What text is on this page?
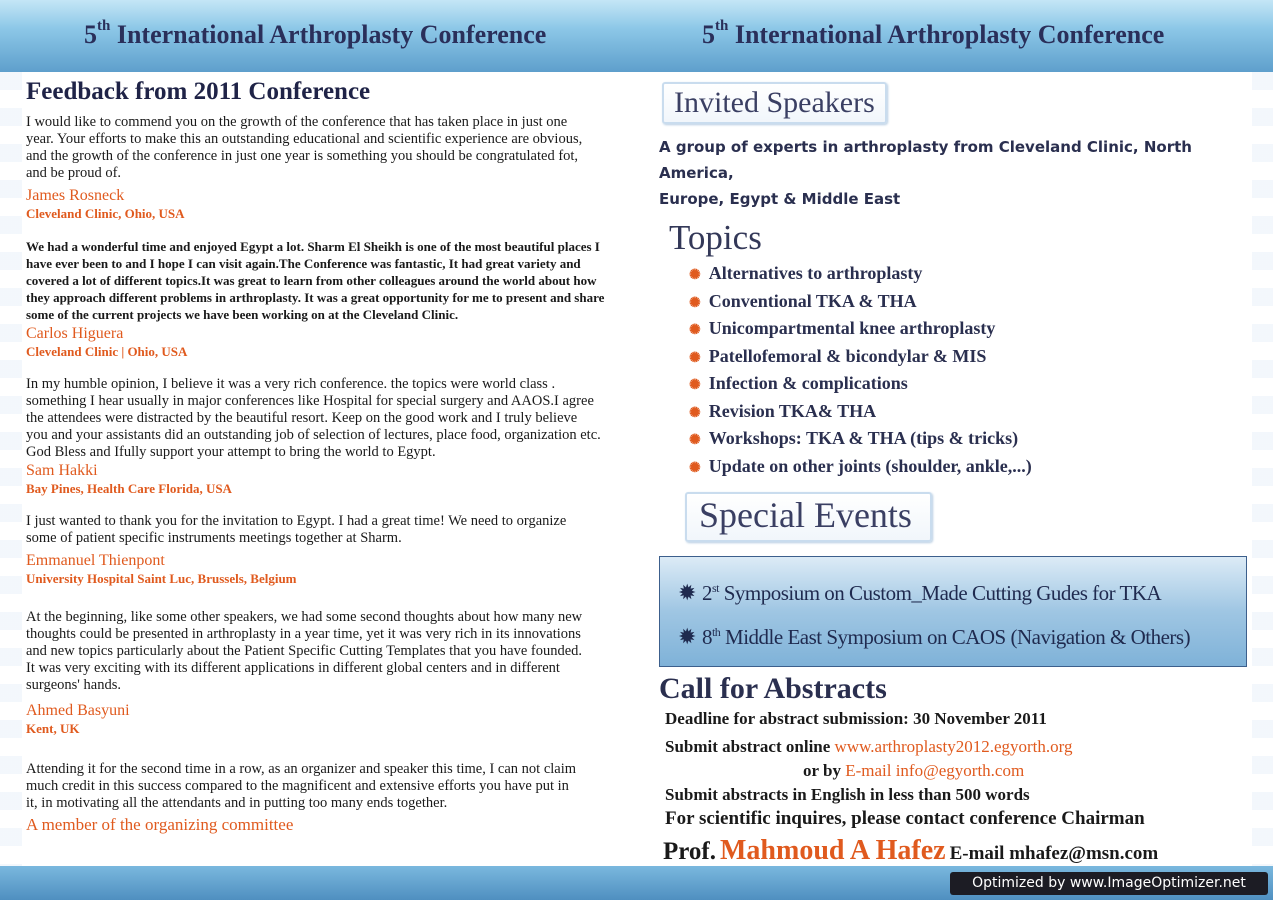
5th International Arthroplasty Conference	5th International Arthroplasty Conference
Feedback from 2011 Conference
I would like to commend you on the growth of the conference that has taken place in just one
year. Your efforts to make this an outstanding educational and scientific experience are obvious,
and the growth of the conference in just one year is something you should be congratulated fot,
and be proud of.
James Rosneck
Cleveland Clinic, Ohio, USA
We had a wonderful time and enjoyed Egypt a lot. Sharm El Sheikh is one of the most beautiful places I
have ever been to and I hope I can visit again.The Conference was fantastic, It had great variety and
covered a lot of different topics.It was great to learn from other colleagues around the world about how
they approach different problems in arthroplasty. It was a great opportunity for me to present and share
some of the current projects we have been working on at the Cleveland Clinic.
Carlos Higuera
Cleveland Clinic | Ohio, USA
In my humble opinion, I believe it was a very rich conference. the topics were world class .
something I hear usually in major conferences like Hospital for special surgery and AAOS.I agree
the attendees were distracted by the beautiful resort. Keep on the good work and I truly believe
you and your assistants did an outstanding job of selection of lectures, place food, organization etc.
God Bless and Ifully support your attempt to bring the world to Egypt.
Sam Hakki
Bay Pines, Health Care Florida, USA
I just wanted to thank you for the invitation to Egypt. I had a great time! We need to organize
some of patient specific instruments meetings together at Sharm.
Emmanuel Thienpont
University Hospital Saint Luc, Brussels, Belgium
At the beginning, like some other speakers, we had some second thoughts about how many new
thoughts could be presented in arthroplasty in a year time, yet it was very rich in its innovations
and new topics particularly about the Patient Specific Cutting Templates that you have founded.
It was very exciting with its different applications in different global centers and in different
surgeons' hands.
Ahmed Basyuni
Kent, UK
Attending it for the second time in a row, as an organizer and speaker this time, I can not claim
much credit in this success compared to the magnificent and extensive efforts you have put in
it, in motivating all the attendants and in putting too many ends together.
A member of the organizing committee
Invited Speakers
A group of experts in arthroplasty from Cleveland Clinic, North America,
Europe, Egypt & Middle East
Topics
✺ Alternatives to arthroplasty
✺ Conventional TKA & THA
✺ Unicompartmental knee arthroplasty
✺ Patellofemoral & bicondylar & MIS
✺ Infection & complications
✺ Revision TKA& THA
✺ Workshops: TKA & THA (tips & tricks)
✺ Update on other joints (shoulder, ankle,...)
Special Events
✹ 2st Symposium on Custom_Made Cutting Gudes for TKA
✹ 8th Middle East Symposium on CAOS (Navigation & Others)
Call for Abstracts
Deadline for abstract submission: 30 November 2011
Submit abstract online www.arthroplasty2012.egyorth.org
or by E-mail info@egyorth.com
Submit abstracts in English in less than 500 words
For scientific inquires, please contact conference Chairman
Prof. Mahmoud A Hafez E-mail mhafez@msn.com
Optimized by www.ImageOptimizer.net
